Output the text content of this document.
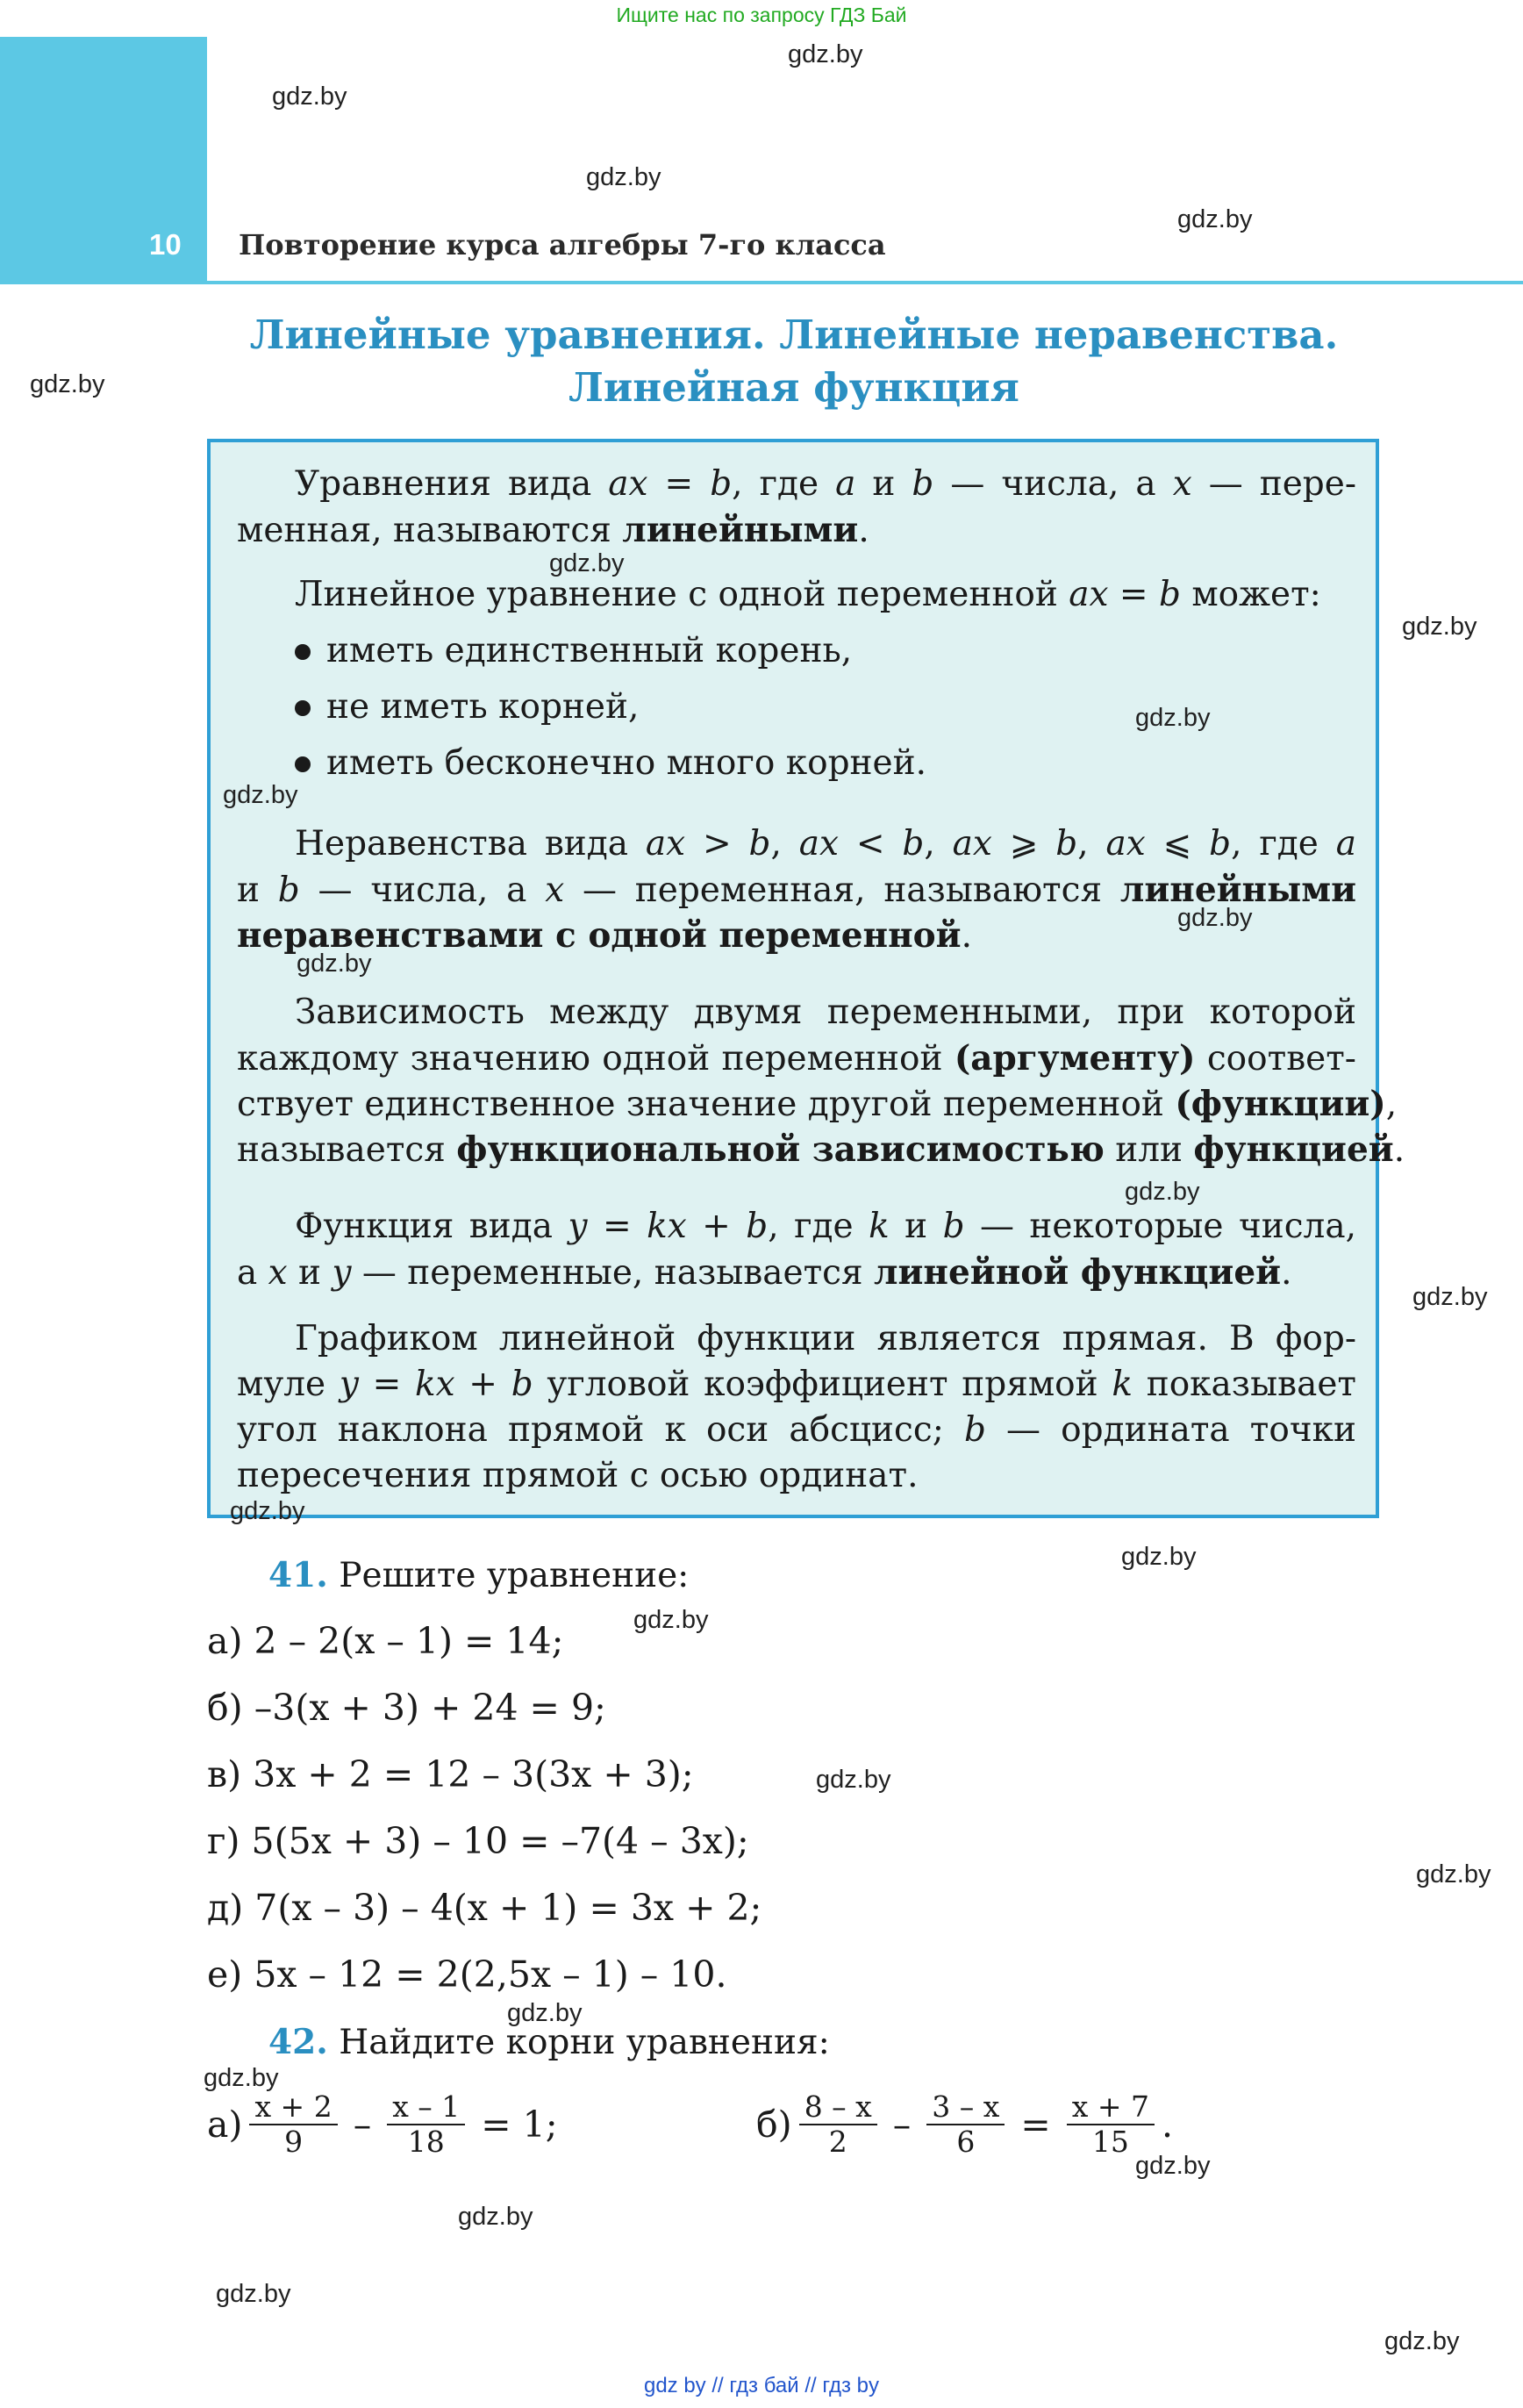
Ищите нас по запросу ГДЗ Бай
10 Повторение курса алгебры 7-го класса
Линейные уравнения. Линейные неравенства.
Линейная функция
Уравнения вида ax = b, где a и b — числа, а x — пере-
менная, называются линейными.
Линейное уравнение с одной переменной ax = b может:
иметь единственный корень,
не иметь корней,
иметь бесконечно много корней.
Неравенства вида ax > b, ax < b, ax ⩾ b, ax ⩽ b, где a
и b — числа, а x — переменная, называются линейными
неравенствами с одной переменной.
Зависимость между двумя переменными, при которой
каждому значению одной переменной (аргументу) соответ-
ствует единственное значение другой переменной (функции),
называется функциональной зависимостью или функцией.
Функция вида y = kx + b, где k и b — некоторые числа,
а x и y — переменные, называется линейной функцией.
Графиком линейной функции является прямая. В фор-
муле y = kx + b угловой коэффициент прямой k показывает
угол наклона прямой к оси абсцисс; b — ордината точки
пересечения прямой с осью ординат.
41. Решите уравнение:
а) 2 – 2(x – 1) = 14;
б) –3(x + 3) + 24 = 9;
в) 3x + 2 = 12 – 3(3x + 3);
г) 5(5x + 3) – 10 = –7(4 – 3x);
д) 7(x – 3) – 4(x + 1) = 3x + 2;
е) 5x – 12 = 2(2,5x – 1) – 10.
42. Найдите корни уравнения:
$а) \frac{x + 2}{9} - \frac{x - 1}{18} = 1$;	$б) \frac{8 - x}{2} - \frac{3 - x}{6} = \frac{x + 7}{15}$ .
gdz.by
gdz.by
gdz.by
gdz.by
gdz.by
gdz.by
gdz.by
gdz.by
gdz.by
gdz.by
gdz.by
gdz.by
gdz.by
gdz.by
gdz.by
gdz.by
gdz.by
gdz.by
gdz.by
gdz.by
gdz.by
gdz.by
gdz.by
gdz.by
gdz by // гдз бай // гдз by
